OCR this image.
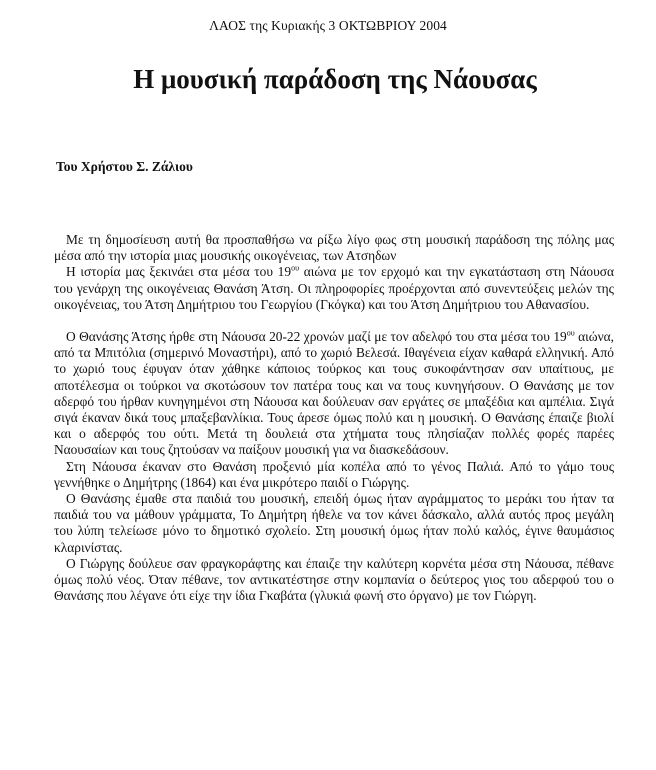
ΛΑΟΣ της Κυριακής 3 ΟΚΤΩΒΡΙΟΥ 2004
Η μουσική παράδοση της Νάουσας
Του Χρήστου Σ. Ζάλιου

Με τη δημοσίευση αυτή θα προσπαθήσω να ρίξω λίγο φως στη μουσική παράδοση της πόλης μας μέσα από την ιστορία μιας μουσικής οικογένειας, των Ατσηδων

Η ιστορία μας ξεκινάει στα μέσα του $19^{o\upsilon}$ αιώνα με τον ερχομό και την εγκατάσταση στη Νάουσα του γενάρχη της οικογένειας Θανάση Άτση. Οι πληροφορίες προέρχονται από συνεντεύξεις μελών της οικογένειας, του Άτση Δημήτριου του Γεωργίου (Γκόγκα) και του Άτση Δημήτριου του Αθανασίου.

Ο Θανάσης Άτσης ήρθε στη Νάουσα 20-22 χρονών μαζί με τον αδελφό του στα μέσα του $19^{o\upsilon}$ αιώνα, από τα Μπιτόλια (σημερινό Μοναστήρι), από το χωριό Βελεσά. Ιθαγένεια είχαν καθαρά ελληνική. Από το χωριό τους έφυγαν όταν χάθηκε κάποιος τούρκος και τους συκοφάντησαν σαν υπαίτιους, με αποτέλεσμα οι τούρκοι να σκοτώσουν τον πατέρα τους και να τους κυνηγήσουν. Ο Θανάσης με τον αδερφό του ήρθαν κυνηγημένοι στη Νάουσα και δούλευαν σαν εργάτες σε μπαξέδια και αμπέλια. Σιγά σιγά έκαναν δικά τους μπαξεβανλίκια. Τους άρεσε όμως πολύ και η μουσική. Ο Θανάσης έπαιζε βιολί και ο αδερφός του ούτι. Μετά τη δουλειά στα χτήματα τους πλησίαζαν πολλές φορές παρέες Ναουσαίων και τους ζητούσαν να παίξουν μουσική για να διασκεδάσουν.

Στη Νάουσα έκαναν στο Θανάση προξενιό μία κοπέλα από το γένος Παλιά. Από το γάμο τους γεννήθηκε ο Δημήτρης (1864) και ένα μικρότερο παιδί ο Γιώργης.

Ο Θανάσης έμαθε στα παιδιά του μουσική, επειδή όμως ήταν αγράμματος το μεράκι του ήταν τα παιδιά του να μάθουν γράμματα, Το Δημήτρη ήθελε να τον κάνει δάσκαλο, αλλά αυτός προς μεγάλη του λύπη τελείωσε μόνο το δημοτικό σχολείο. Στη μουσική όμως ήταν πολύ καλός, έγινε θαυμάσιος κλαρινίστας.

Ο Γιώργης δούλευε σαν φραγκοράφτης και έπαιζε την καλύτερη κορνέτα μέσα στη Νάουσα, πέθανε όμως πολύ νέος. Όταν πέθανε, τον αντικατέστησε στην κομπανία ο δεύτερος γιος του αδερφού του ο Θανάσης που λέγανε ότι είχε την ίδια Γκαβάτα (γλυκιά φωνή στο όργανο) με τον Γιώργη.
